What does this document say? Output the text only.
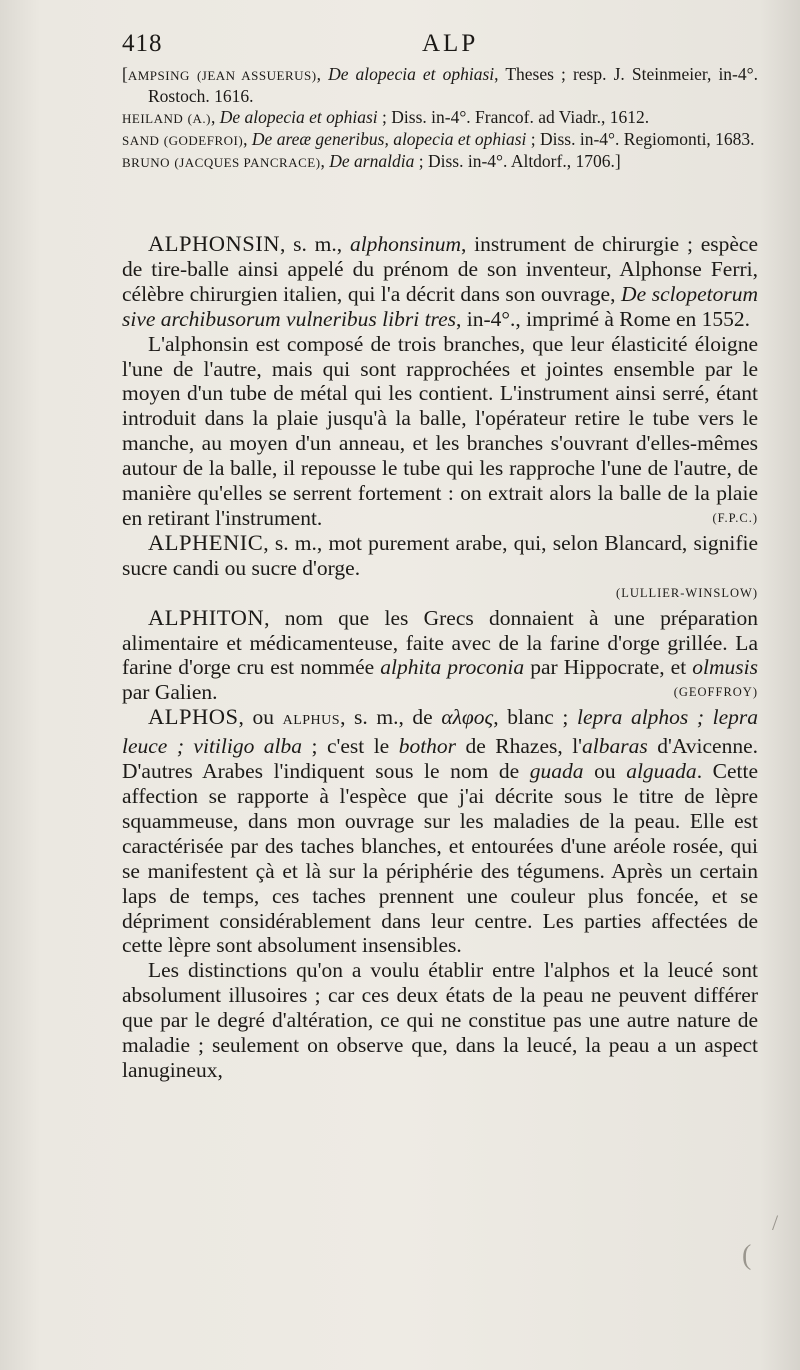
418	ALP
[AMPSING (JEAN ASSUERUS), De alopecia et ophiasi, Theses ; resp. J. Steinmeier, in-4°. Rostoch. 1616.
HEILAND (A.), De alopecia et ophiasi ; Diss. in-4°. Francof. ad Viadr., 1612.
SAND (GODEFROI), De areæ generibus, alopecia et ophiasi ; Diss. in-4°. Regiomonti, 1683.
BRUNO (JACQUES PANCRACE), De arnaldia ; Diss. in-4°. Altdorf., 1706.]

ALPHONSIN, s. m., alphonsinum, instrument de chirurgie ; espèce de tire-balle ainsi appelé du prénom de son inventeur, Alphonse Ferri, célèbre chirurgien italien, qui l'a décrit dans son ouvrage, De sclopetorum sive archibusorum vulneribus libri tres, in-4°., imprimé à Rome en 1552.

L'alphonsin est composé de trois branches, que leur élasticité éloigne l'une de l'autre, mais qui sont rapprochées et jointes ensemble par le moyen d'un tube de métal qui les contient. L'instrument ainsi serré, étant introduit dans la plaie jusqu'à la balle, l'opérateur retire le tube vers le manche, au moyen d'un anneau, et les branches s'ouvrant d'elles-mêmes autour de la balle, il repousse le tube qui les rapproche l'une de l'autre, de manière qu'elles se serrent fortement : on extrait alors la balle de la plaie en retirant l'instrument.	(F.P.C.)

ALPHENIC, s. m., mot purement arabe, qui, selon Blancard, signifie sucre candi ou sucre d'orge.

(LULLIER-WINSLOW)

ALPHITON, nom que les Grecs donnaient à une préparation alimentaire et médicamenteuse, faite avec de la farine d'orge grillée. La farine d'orge cru est nommée alphita proconia par Hippocrate, et olmusis par Galien.	(GEOFFROY)

ALPHOS, ou ALPHUS, s. m., de αλφος, blanc ; lepra alphos ; lepra leuce ; vitiligo alba ; c'est le bothor de Rhazes, l'albaras d'Avicenne. D'autres Arabes l'indiquent sous le nom de guada ou alguada. Cette affection se rapporte à l'espèce que j'ai décrite sous le titre de lèpre squammeuse, dans mon ouvrage sur les maladies de la peau. Elle est caractérisée par des taches blanches, et entourées d'une aréole rosée, qui se manifestent çà et là sur la périphérie des tégumens. Après un certain laps de temps, ces taches prennent une couleur plus foncée, et se dépriment considérablement dans leur centre. Les parties affectées de cette lèpre sont absolument insensibles.

Les distinctions qu'on a voulu établir entre l'alphos et la leucé sont absolument illusoires ; car ces deux états de la peau ne peuvent différer que par le degré d'altération, ce qui ne constitue pas une autre nature de maladie ; seulement on observe que, dans la leucé, la peau a un aspect lanugineux,

/
(
